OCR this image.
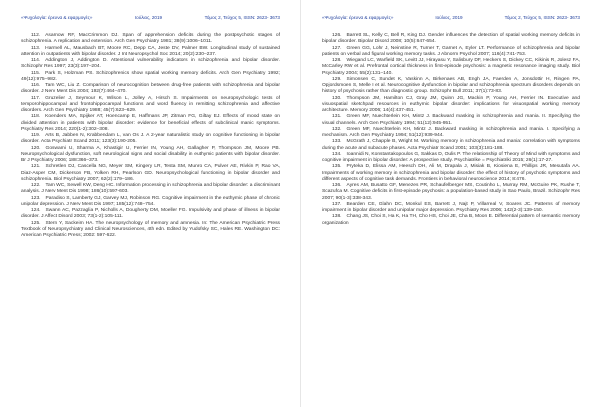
«Ψυχολογία: έρευνα & εφαρμογές»	Ιούλιος, 2019	Τόμος 2, Τεύχος 5, ISSN: 2623- 3673

112. Asarnow RF, MacCrimmon DJ. Span of apprehension deficits during the postpsychotic stages of schizophrenia. A replication and extension. Arch Gen Psychiatry 1981; 38(9):1006–1011.

113. Harmell AL, Mausbach BT, Moore RC, Depp CA, Jeste DV, Palmer BW. Longitudinal study of sustained attention in outpatients with bipolar disorder. J Int Neuropsychol Soc 2014; 20(2):230–237.

114. Addington J, Addington D. Attentional vulnerability indicators in schizophrenia and bipolar disorder. Schizophr Res 1997; 23(3):197–204.

115. Park S, Holzman PS. Schizophrenics show spatial working memory deficits. Arch Gen Psychiatry 1992; 49(12):975–982.

116. Tam WC, Liu Z. Comparison of neurocognition between drug-free patients with schizophrenia and bipolar disorder. J Nerv Ment Dis 2004; 192(7):464–470.

117. Gruzelier J, Seymour K, Wilson L, Jolley A, Hirsch S. Impairments on neuropsychologic tests of temporohippocampal and frontohippocampal functions and word fluency in remitting schizophrenia and affective disorders. Arch Gen Psychiatry 1988; 45(7):623–629.

118. Koenders MA, Spijker AT, Hoencamp E, Haffmans JP, Zitman FG, Giltay EJ. Effects of mood state on divided attention in patients with bipolar disorder: evidence for beneficial effects of subclinical manic symptoms. Psychiatry Res 2014; 220(1-2):302–308.

119. Arts B, Jabben N, Krabbendam L, van Os J. A 2-year naturalistic study on cognitive functioning in bipolar disorder. Acta Psychiatr Scand 2011; 123(3):190-205.

120. Goswami U, Sharma A, Khastigir U, Ferrier IN, Young AH, Gallagher P, Thompson JM, Moore PB. Neuropsychological dysfunction, soft neurological signs and social disability in euthymic patients with bipolar disorder. Br J Psychiatry 2006; 188:366–373.

121. Schretlen DJ, Cascella NG, Meyer SM, Kingery LR, Testa SM, Munro CA, Pulver AE, Rivkin P, Rao VA, Diaz-Asper CM, Dickerson FB, Yolken RH, Pearlson GD. Neuropsychological functioning in bipolar disorder and schizophrenia. Biol Psychiatry 2007; 62(2):179–186.

122. Tam WC, Sewell KW, Deng HC. Information processing in schizophrenia and bipolar disorder: a discriminant analysis. J Nerv Ment Dis 1998; 186(10):597-603.

123. Paradiso S, Lamberty GJ, Garvey MJ, Robinson RG. Cognitive impairment in the euthymic phase of chronic unipolar depression. J Nerv Ment Dis 1997; 185(12):748–754.

124. Swann AC, Pazzaglia P, Nicholls A, Dougherty DM, Moeller FG. Impulsivity and phase of illness in bipolar disorder. J Affect Disord 2003; 73(1-2):105-111.

125. Stern Y, Sackeim HA. The neuropsychology of memory and amnesia. In: The American Psychiatric Press Textbook of Neuropsychiatry and Clinical Neurosciences, 4th edn. Edited by Yudofsky SC, Hales RE. Washington DC: American Psychiatric Press; 2002: 597-622.

«Ψυχολογία: έρευνα & εφαρμογές»	Ιούλιος, 2019	Τόμος 2, Τεύχος 5, ISSN: 2623- 3673

126. Barrett SL, Kelly C, Bell R, King DJ. Gender influences the detection of spatial working memory deficits in bipolar disorder. Bipolar Disord 2008; 10(5):647-654.

127. Green GG, Lohr J, Neinstine R, Turner T, Garnet A, Eyler LT. Performance of schizophrenia and bipolar patients on verbal and figural working memory tasks. J Abnorm Psychol 2007; 116(4):741-753.

128. Wiegand LC, Warfield SK, Levitt JJ, Hirayasu Y, Salisbury DF, Heckers S, Dickey CC, Kikinis R, Jolesz FA, McCarley RW et al. Prefrontal cortical thickness in first-episode psychosis: a magnetic resonance imaging study. Biol Psychiatry 2004; 55(2):131–140.

129. Simonsen C, Sundet K, Vaskinn A, Birkenaes AB, Engh JA, Faerden A, Jonsdottir H, Ringen PA, Opjordsmoen S, Melle I et al. Neurocognitive dysfunction in bipolar and schizophrenia spectrum disorders depends on history of psychosis rather than diagnostic group. Schizophr Bull 2011; 37(1):73-83.

130. Thompson JM, Hamilton CJ, Gray JM, Quinn JG, Mackin P, Young AH, Ferrier IN. Executive and visuospatial sketchpad resources in euthymic bipolar disorder: implications for visuospatial working memory architecture. Memory 2006; 14(4):437-451.

131. Green MF, Nuechterlein KH, Mintz J. Backward masking in schizophrenia and mania. II. Specifying the visual channels. Arch Gen Psychiatry 1994; 51(12):945-951.

132. Green MF, Nuechterlein KH, Mintz J. Backward masking in schizophrenia and mania. I. Specifying a mechanism. Arch Gen Psychiatry 1994; 51(12):939-944.

133. McGrath J, Chapple B, Wright M. Working memory in schizophrenia and mania: correlation with symptoms during the acute and subacute phases. Acta Psychiatr Scand 2001; 103(3):181-188.

134. Ioannidi N, Konstantakopoulos G, Sakkas D, Oulis P. The relationship of Theory of Mind with symptoms and cognitive impairment in bipolar disorder: A prospective study. Psychiatrike = Psychiatriki 2015; 26(1):17-27.

135. Pryteka D, Elissa AM, Heesch DH, Ali M, Drapala J, Misiak B, Kiosiena E, Phillips JR, Mesutafa AA. Impairments of working memory in schizophrenia and bipolar disorder: the effect of history of psychotic symptoms and different aspects of cognitive task demands. Frontiers in behavioral neuroscience 2014; 8:476.

136. Ayres AM, Busatto GF, Menezes PR, Schaufelberger MS, Coutinho L, Murray RM, McGuire PK, Rushe T, Scazufca M. Cognitive deficits in first-episode psychosis: a population-based study in Sao Paulo, Brazil. Schizophr Res 2007; 90(1-3):338-343.

137. Bearden CE, Glahn DC, Monkul ES, Barrett J, Najt P, Villarreal V, Soares JC. Patterns of memory impairment in bipolar disorder and unipolar major depression. Psychiatry Res 2006; 142(2-3):139-150.

138. Chang JS, Choi S, Ha K, Ha TH, Cho HS, Choi JE, Cha B, Moon E. Differential pattern of semantic memory organization
